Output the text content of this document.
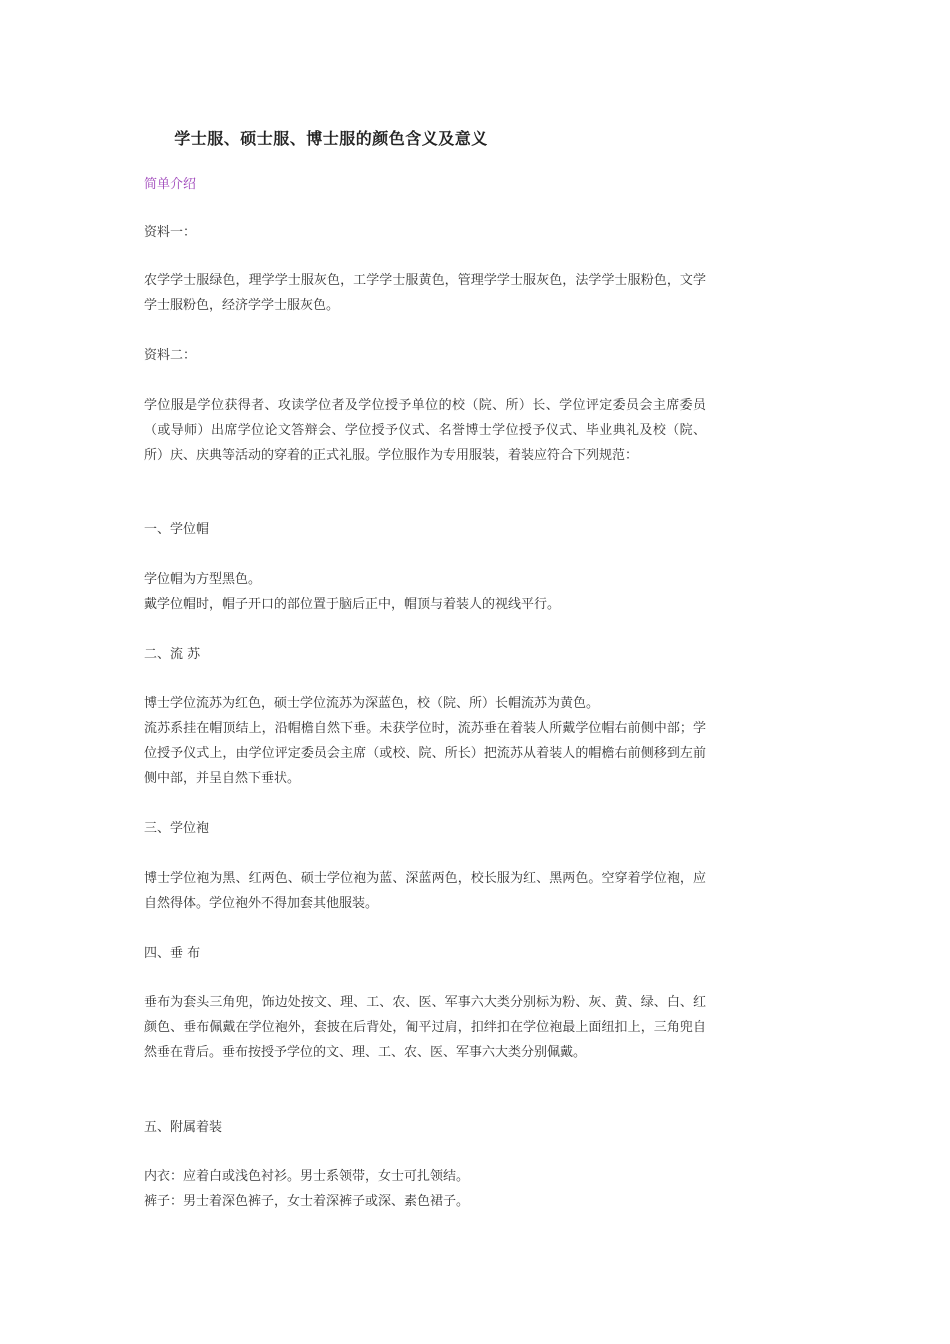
学士服、硕士服、博士服的颜色含义及意义
简单介绍
资料一：
农学学士服绿色，理学学士服灰色，工学学士服黄色，管理学学士服灰色，法学学士服粉色，文学学士服粉色，经济学学士服灰色。
资料二：
学位服是学位获得者、攻读学位者及学位授予单位的校（院、所）长、学位评定委员会主席委员（或导师）出席学位论文答辩会、学位授予仪式、名誉博士学位授予仪式、毕业典礼及校（院、所）庆、庆典等活动的穿着的正式礼服。学位服作为专用服装，着装应符合下列规范：
一、学位帽
学位帽为方型黑色。
戴学位帽时，帽子开口的部位置于脑后正中，帽顶与着装人的视线平行。
二、流 苏
博士学位流苏为红色，硕士学位流苏为深蓝色，校（院、所）长帽流苏为黄色。
流苏系挂在帽顶结上，沿帽檐自然下垂。未获学位时，流苏垂在着装人所戴学位帽右前侧中部；学位授予仪式上，由学位评定委员会主席（或校、院、所长）把流苏从着装人的帽檐右前侧移到左前侧中部，并呈自然下垂状。
三、学位袍
博士学位袍为黑、红两色、硕士学位袍为蓝、深蓝两色，校长服为红、黑两色。空穿着学位袍，应自然得体。学位袍外不得加套其他服装。
四、垂 布
垂布为套头三角兜，饰边处按文、理、工、农、医、军事六大类分别标为粉、灰、黄、绿、白、红颜色、垂布佩戴在学位袍外，套披在后背处，匍平过肩，扣绊扣在学位袍最上面纽扣上，三角兜自然垂在背后。垂布按授予学位的文、理、工、农、医、军事六大类分别佩戴。
五、附属着装
内衣：应着白或浅色衬衫。男士系领带，女士可扎领结。
裤子：男士着深色裤子，女士着深裤子或深、素色裙子。
